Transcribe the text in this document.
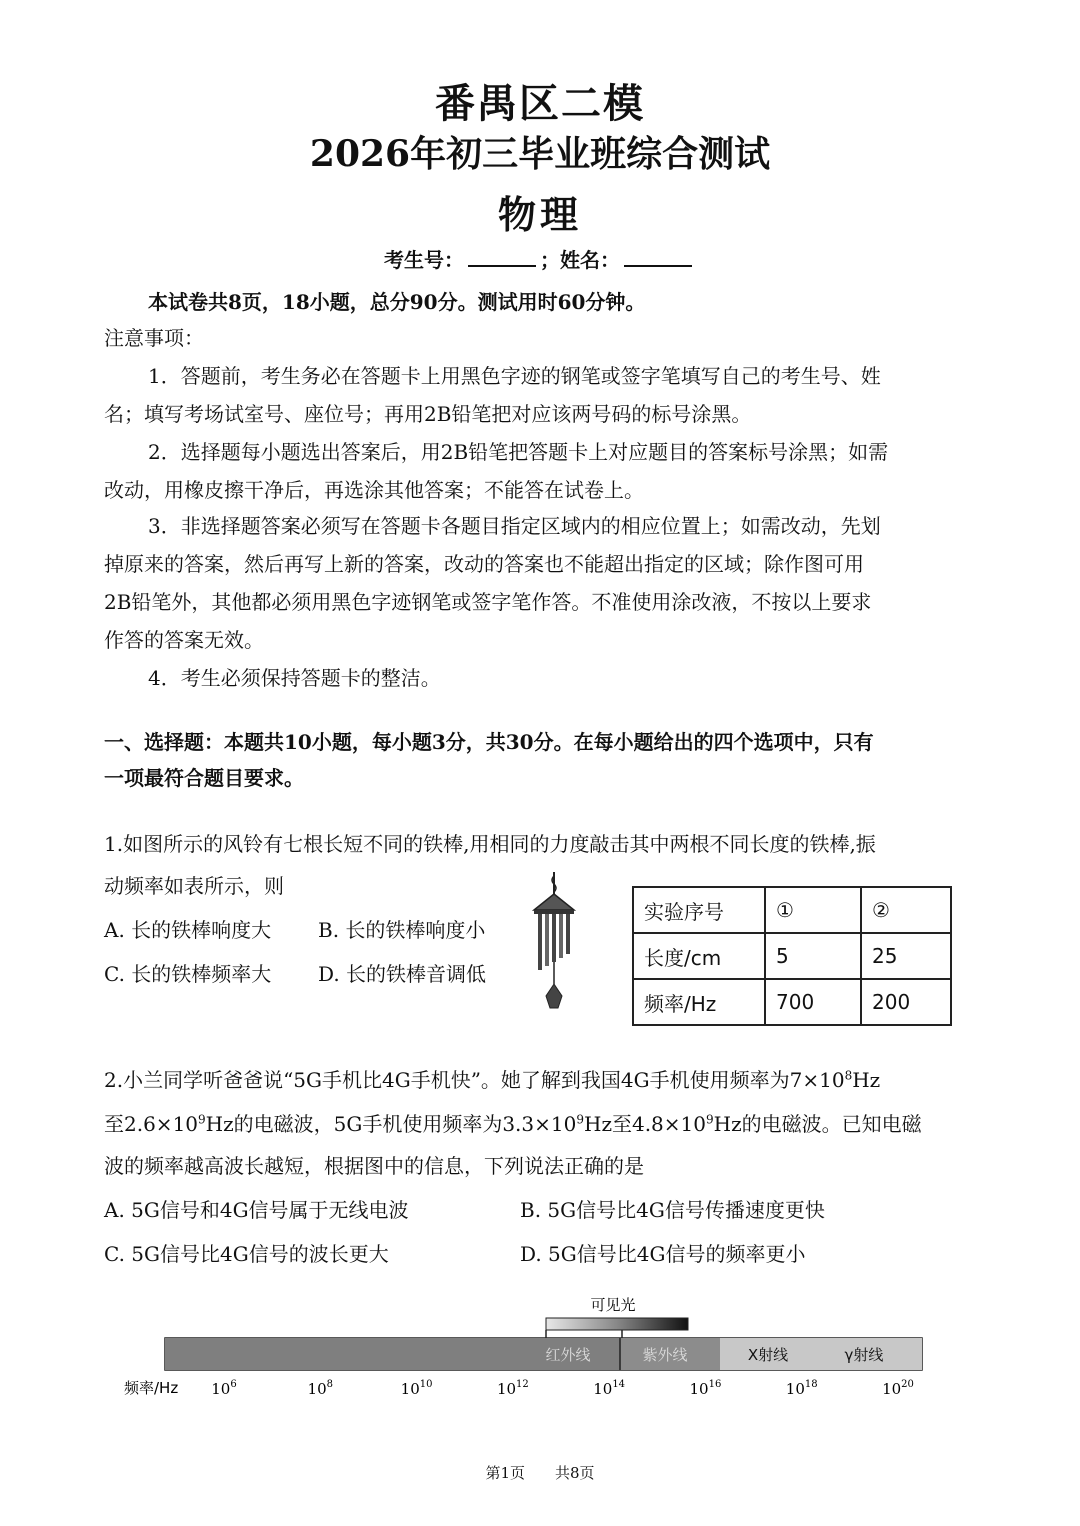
番禺区二模
2026年初三毕业班综合测试
物理
考生号：	；姓名：
本试卷共8页，18小题，总分90分。测试用时60分钟。
注意事项：
1．答题前，考生务必在答题卡上用黑色字迹的钢笔或签字笔填写自己的考生号、姓
名；填写考场试室号、座位号；再用2B铅笔把对应该两号码的标号涂黑。
2．选择题每小题选出答案后，用2B铅笔把答题卡上对应题目的答案标号涂黑；如需
改动，用橡皮擦干净后，再选涂其他答案；不能答在试卷上。
3．非选择题答案必须写在答题卡各题目指定区域内的相应位置上；如需改动，先划
掉原来的答案，然后再写上新的答案，改动的答案也不能超出指定的区域；除作图可用
2B铅笔外，其他都必须用黑色字迹钢笔或签字笔作答。不准使用涂改液，不按以上要求
作答的答案无效。
4．考生必须保持答题卡的整洁。
一、选择题：本题共10小题，每小题3分，共30分。在每小题给出的四个选项中，只有
一项最符合题目要求。
1.如图所示的风铃有七根长短不同的铁棒,用相同的力度敲击其中两根不同长度的铁棒,振
动频率如表所示，则
A. 长的铁棒响度大 B. 长的铁棒响度小
C. 长的铁棒频率大 D. 长的铁棒音调低
实验序号	①	②
长度/cm	5	25
频率/Hz	700	200
2.小兰同学听爸爸说“5G手机比4G手机快”。她了解到我国4G手机使用频率为$7\times 10^8Hz$
至$2.6\times 10^9Hz$的电磁波，5G手机使用频率为$3.3\times 10^9Hz$至$4.8\times 10^9Hz$的电磁波。已知电磁
波的频率越高波长越短，根据图中的信息，下列说法正确的是
A. 5G信号和4G信号属于无线电波	B. 5G信号比4G信号传播速度更快
C. 5G信号比4G信号的波长更大	D. 5G信号比4G信号的频率更小
可见光
红外线	紫外线	X射线	γ射线
频率/Hz $10^6$	$10^8$	$10^{10}$	$10^{12}$	$10^{14}$	$10^{16}$	$10^{18}$	$10^{20}$
第1页　　共8页
